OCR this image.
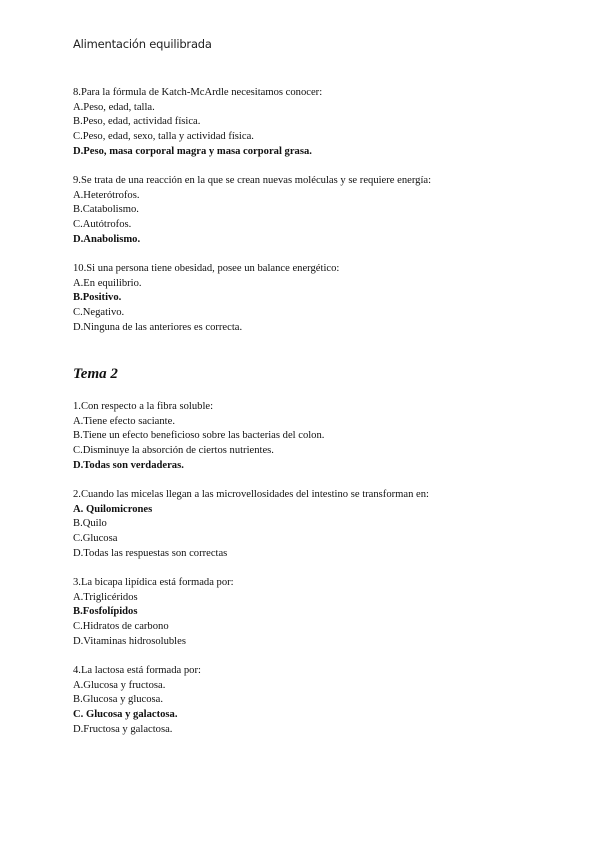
Alimentación equilibrada
8.Para la fórmula de Katch-McArdle necesitamos conocer:
A.Peso, edad, talla.
B.Peso, edad, actividad física.
C.Peso, edad, sexo, talla y actividad física.
D.Peso, masa corporal magra y masa corporal grasa.
9.Se trata de una reacción en la que se crean nuevas moléculas y se requiere energía:
A.Heterótrofos.
B.Catabolismo.
C.Autótrofos.
D.Anabolismo.
10.Si una persona tiene obesidad, posee un balance energético:
A.En equilibrio.
B.Positivo.
C.Negativo.
D.Ninguna de las anteriores es correcta.
Tema 2
1.Con respecto a la fibra soluble:
A.Tiene efecto saciante.
B.Tiene un efecto beneficioso sobre las bacterias del colon.
C.Disminuye la absorción de ciertos nutrientes.
D.Todas son verdaderas.
2.Cuando las micelas llegan a las microvellosidades del intestino se transforman en:
A. Quilomicrones
B.Quilo
C.Glucosa
D.Todas las respuestas son correctas
3.La bicapa lipídica está formada por:
A.Triglicéridos
B.Fosfolípidos
C.Hidratos de carbono
D.Vitaminas hidrosolubles
4.La lactosa está formada por:
A.Glucosa y fructosa.
B.Glucosa y glucosa.
C. Glucosa y galactosa.
D.Fructosa y galactosa.
